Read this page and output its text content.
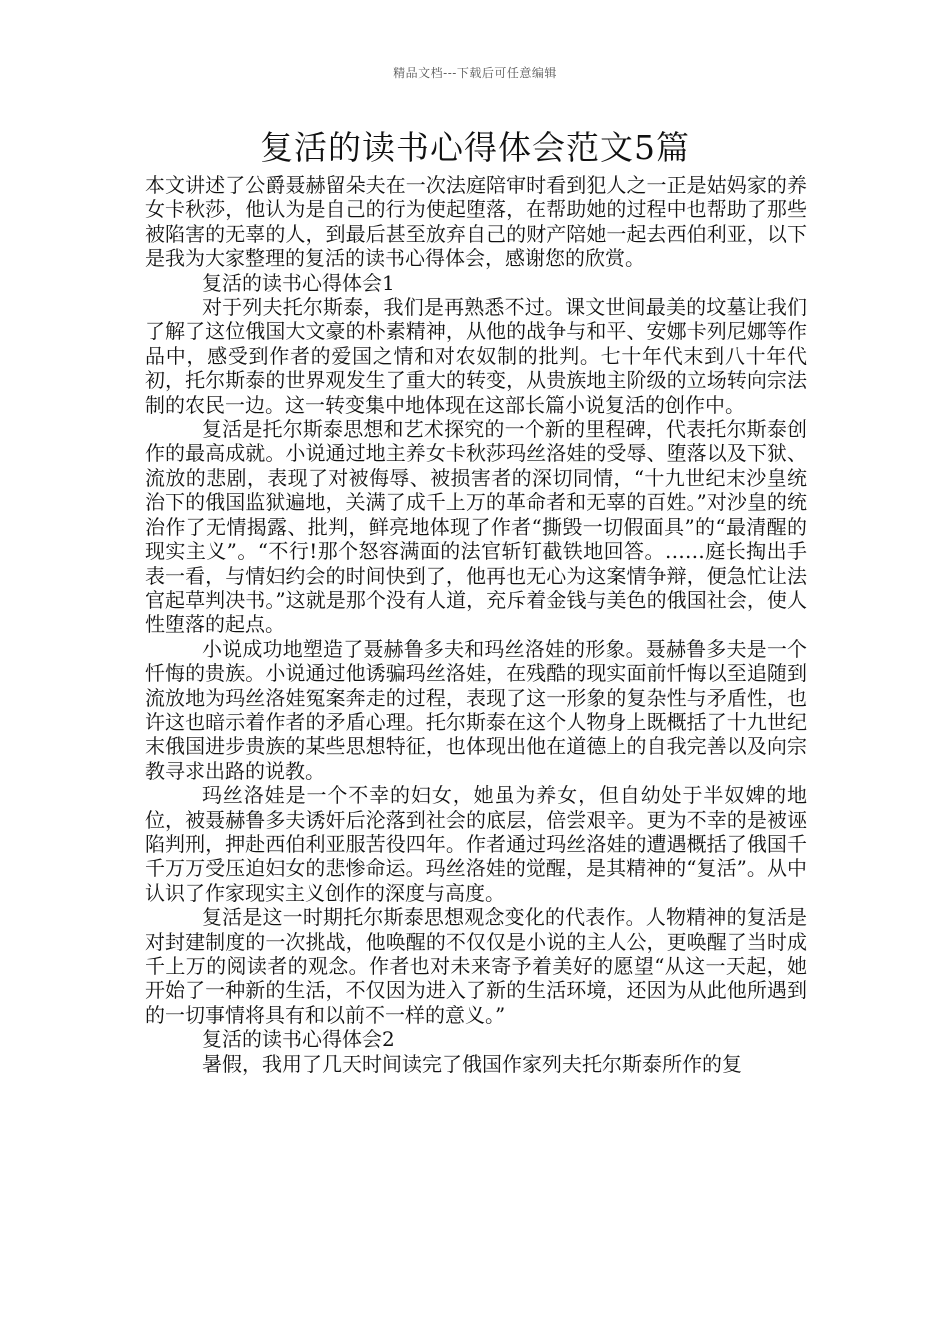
精品文档---下载后可任意编辑
复活的读书心得体会范文5篇

本文讲述了公爵聂赫留朵夫在一次法庭陪审时看到犯人之一正是姑妈家的养女卡秋莎，他认为是自己的行为使起堕落，在帮助她的过程中也帮助了那些被陷害的无辜的人，到最后甚至放弃自己的财产陪她一起去西伯利亚，以下是我为大家整理的复活的读书心得体会，感谢您的欣赏。

复活的读书心得体会1

对于列夫托尔斯泰，我们是再熟悉不过。课文世间最美的坟墓让我们了解了这位俄国大文豪的朴素精神，从他的战争与和平、安娜卡列尼娜等作品中，感受到作者的爱国之情和对农奴制的批判。七十年代末到八十年代初，托尔斯泰的世界观发生了重大的转变，从贵族地主阶级的立场转向宗法制的农民一边。这一转变集中地体现在这部长篇小说复活的创作中。

复活是托尔斯泰思想和艺术探究的一个新的里程碑，代表托尔斯泰创作的最高成就。小说通过地主养女卡秋莎玛丝洛娃的受辱、堕落以及下狱、流放的悲剧，表现了对被侮辱、被损害者的深切同情，“十九世纪末沙皇统治下的俄国监狱遍地，关满了成千上万的革命者和无辜的百姓。”对沙皇的统治作了无情揭露、批判，鲜亮地体现了作者“撕毁一切假面具”的“最清醒的现实主义”。“不行!那个怒容满面的法官斩钉截铁地回答。……庭长掏出手表一看，与情妇约会的时间快到了，他再也无心为这案情争辩，便急忙让法官起草判决书。”这就是那个没有人道，充斥着金钱与美色的俄国社会，使人性堕落的起点。

小说成功地塑造了聂赫鲁多夫和玛丝洛娃的形象。聂赫鲁多夫是一个忏悔的贵族。小说通过他诱骗玛丝洛娃，在残酷的现实面前忏悔以至追随到流放地为玛丝洛娃冤案奔走的过程，表现了这一形象的复杂性与矛盾性，也许这也暗示着作者的矛盾心理。托尔斯泰在这个人物身上既概括了十九世纪末俄国进步贵族的某些思想特征，也体现出他在道德上的自我完善以及向宗教寻求出路的说教。

玛丝洛娃是一个不幸的妇女，她虽为养女，但自幼处于半奴婢的地位，被聂赫鲁多夫诱奸后沦落到社会的底层，倍尝艰辛。更为不幸的是被诬陷判刑，押赴西伯利亚服苦役四年。作者通过玛丝洛娃的遭遇概括了俄国千千万万受压迫妇女的悲惨命运。玛丝洛娃的觉醒，是其精神的“复活”。从中认识了作家现实主义创作的深度与高度。

复活是这一时期托尔斯泰思想观念变化的代表作。人物精神的复活是对封建制度的一次挑战，他唤醒的不仅仅是小说的主人公，更唤醒了当时成千上万的阅读者的观念。作者也对未来寄予着美好的愿望“从这一天起，她开始了一种新的生活，不仅因为进入了新的生活环境，还因为从此他所遇到的一切事情将具有和以前不一样的意义。”

复活的读书心得体会2

暑假，我用了几天时间读完了俄国作家列夫托尔斯泰所作的复
